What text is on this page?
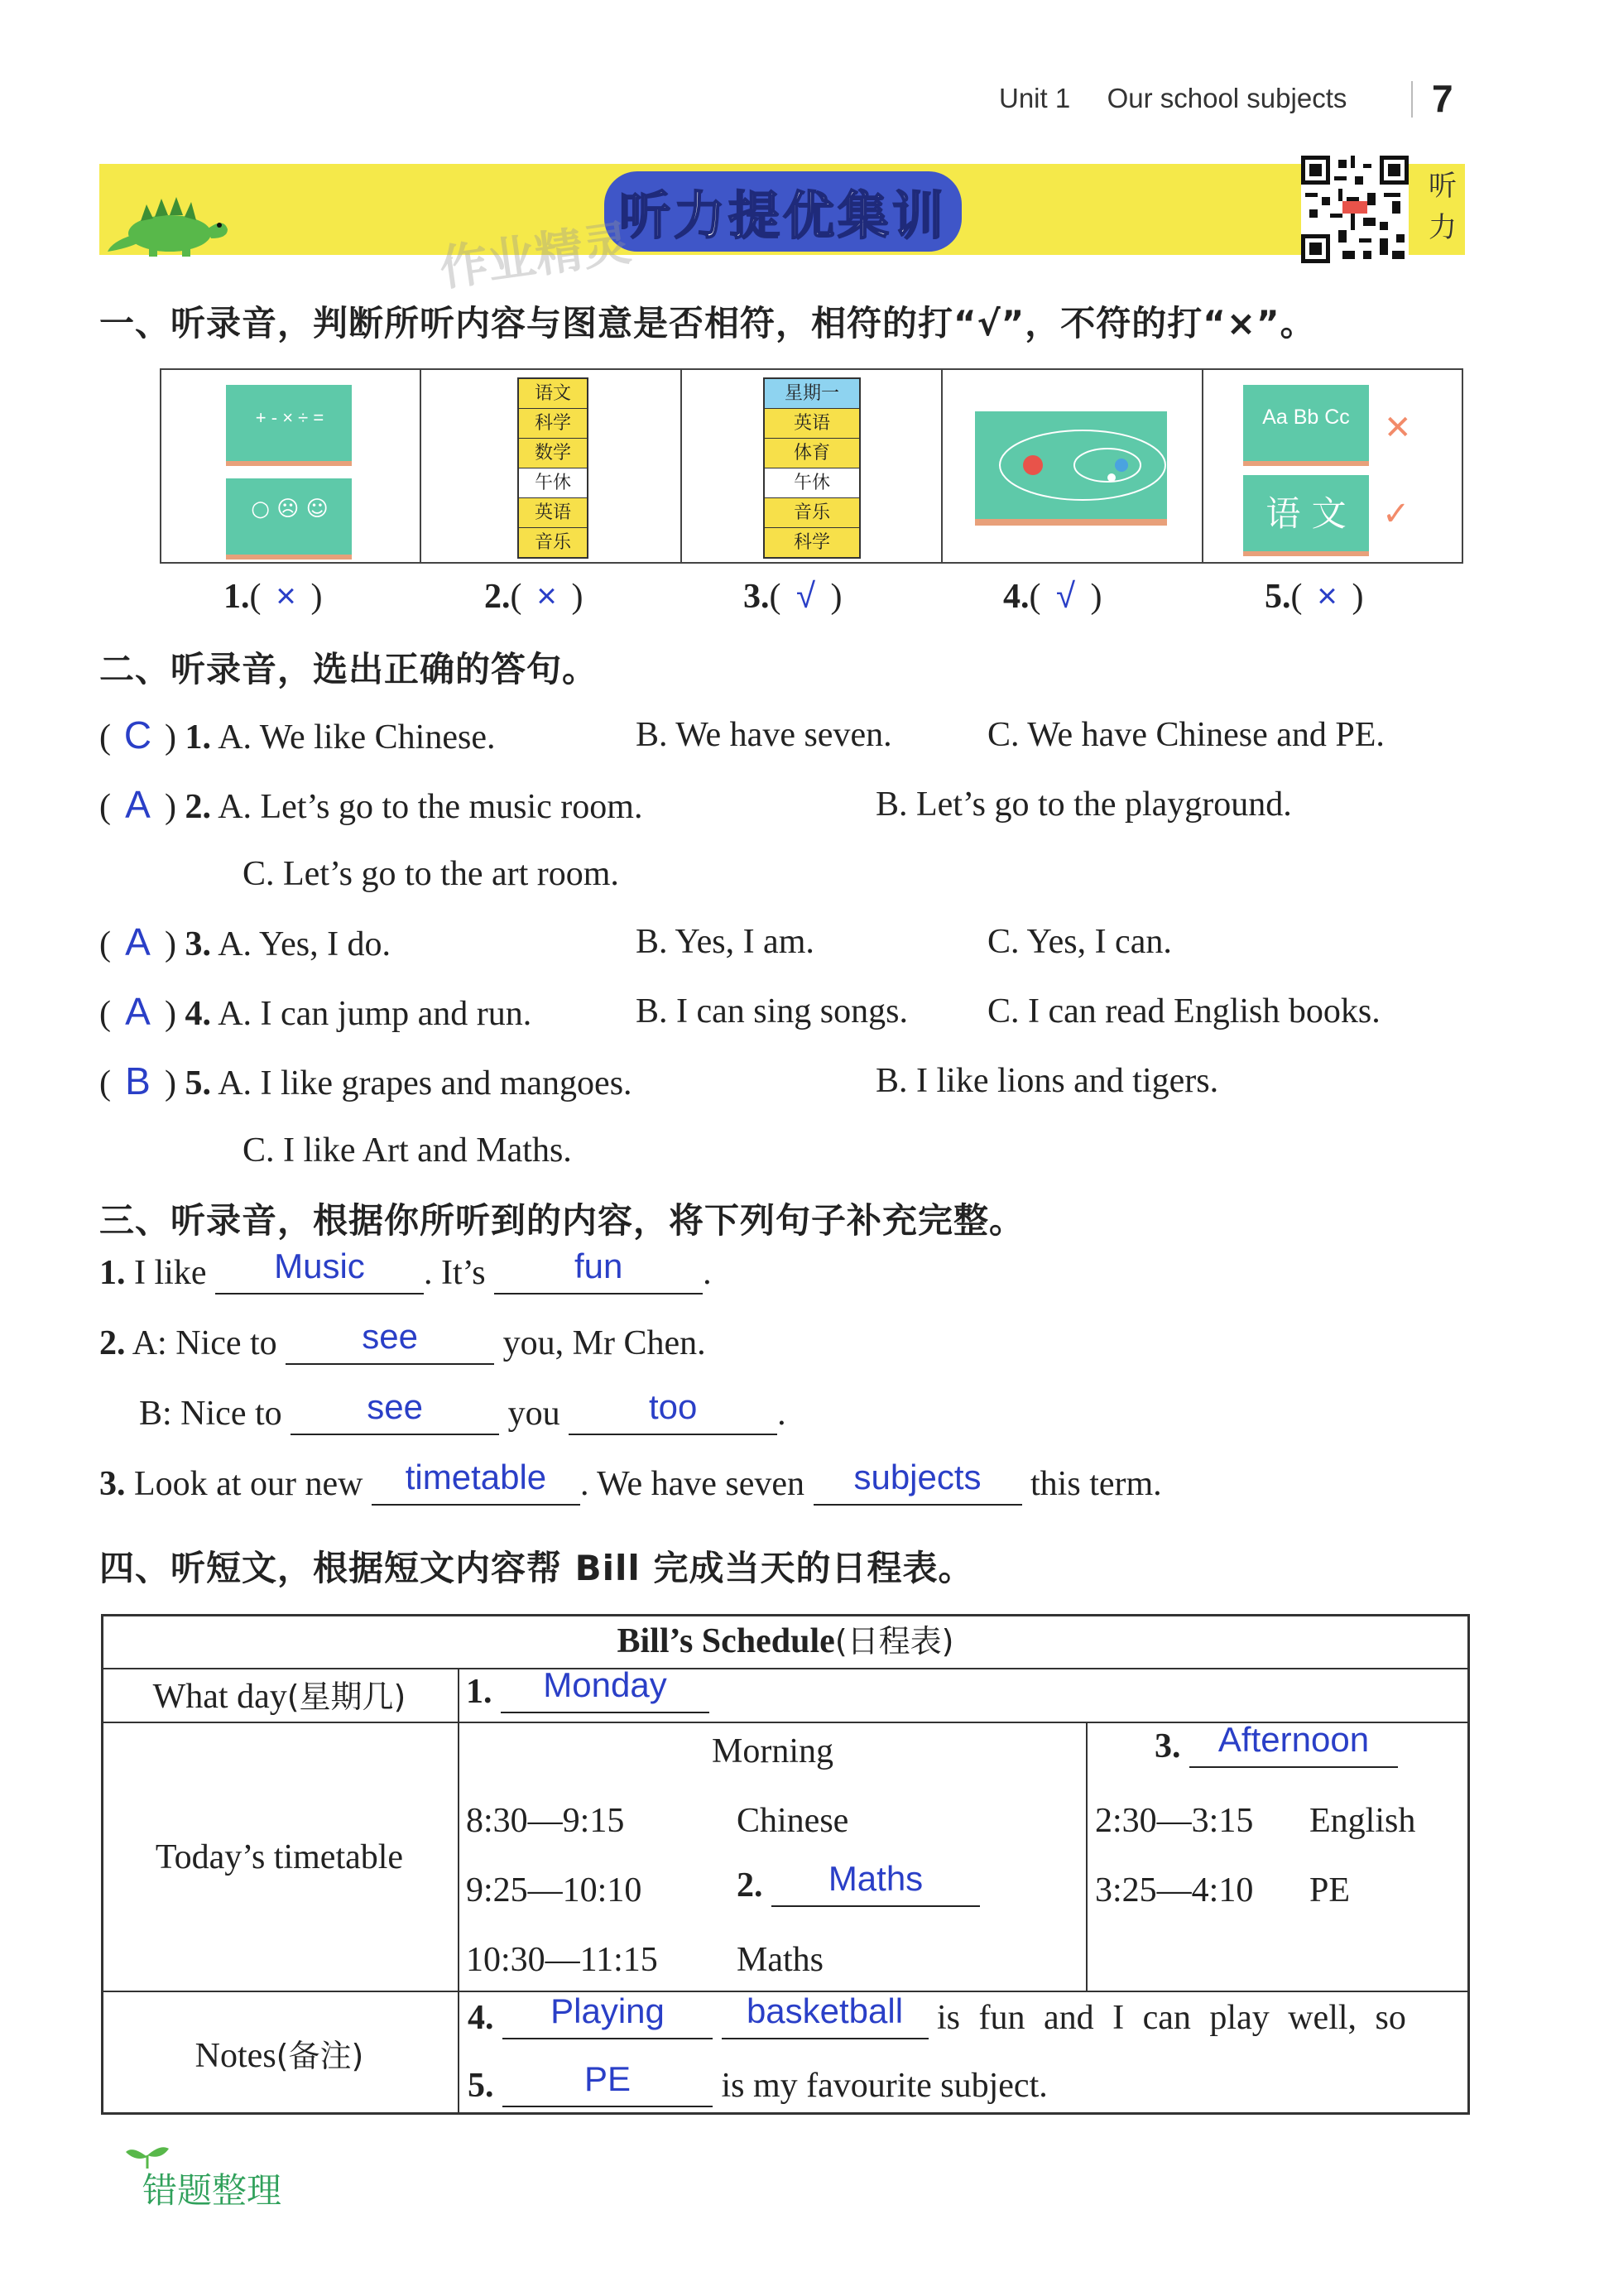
Unit 1 Our school subjects 7
听力提优集训
作业精灵
听力
一、听录音，判断所听内容与图意是否相符，相符的打“√”，不符的打“×”。
+ - × ÷ =
○ ☹ ☺
语文
科学
数学
午休
英语
音乐
星期一
英语
体育
午休
音乐
科学
Aa Bb Cc	✕
语 文	✓
1.( × )	2.( × )	3.( √ )	4.( √ )	5.( × )
二、听录音，选出正确的答句。
( C ) 1. A. We like Chinese.	B. We have seven.	C. We have Chinese and PE.
( A ) 2. A. Let’s go to the music room.	B. Let’s go to the playground.
C. Let’s go to the art room.
( A ) 3. A. Yes, I do.	B. Yes, I am.	C. Yes, I can.
( A ) 4. A. I can jump and run.	B. I can sing songs. C. I can read English books.
( B ) 5. A. I like grapes and mangoes.	B. I like lions and tigers.
C. I like Art and Maths.
三、听录音，根据你所听到的内容，将下列句子补充完整。
1. I like Music . It’s	fun .
2. A: Nice to see you, Mr Chen.
B: Nice to see you	too .
3. Look at our new timetable . We have seven subjects this term.
四、听短文，根据短文内容帮 Bill 完成当天的日程表。
Bill’s Schedule(日程表)
What day(星期几)	1. Monday
Today’s timetable
Morning
8:30—9:15	Chinese
9:25—10:10	2. Maths
10:30—11:15 Maths
3. Afternoon
2:30—3:15 English
3:25—4:10 PE
Notes(备注)
4. Playing basketball is fun and I can play well, so
5.	PE	is my favourite subject.
错题整理
